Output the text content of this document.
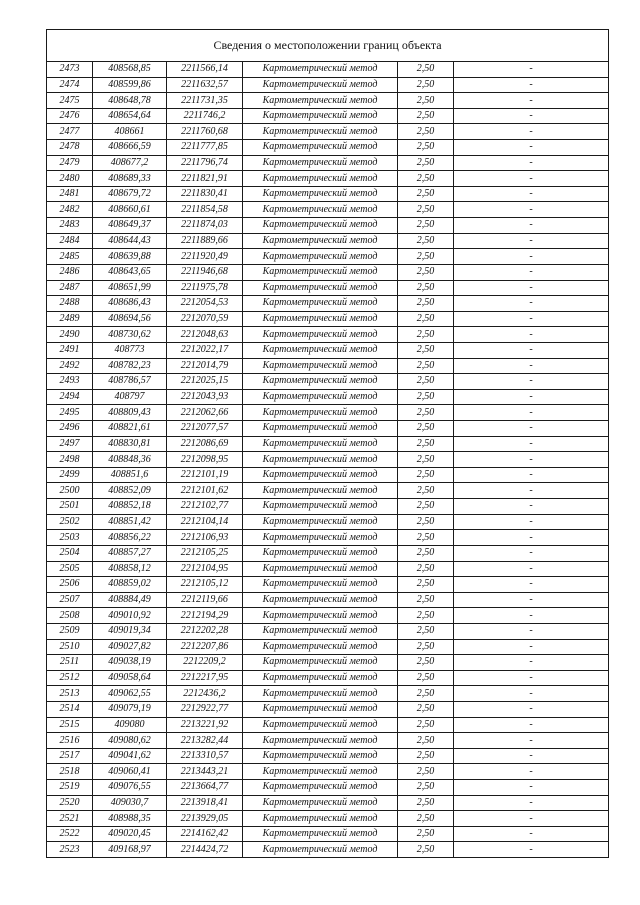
Сведения о местоположении границ объекта					
2473	408568,85	2211566,14	Картометрический метод	2,50	-
2474	408599,86	2211632,57	Картометрический метод	2,50	-
2475	408648,78	2211731,35	Картометрический метод	2,50	-
2476	408654,64	2211746,2	Картометрический метод	2,50	-
2477	408661	2211760,68	Картометрический метод	2,50	-
2478	408666,59	2211777,85	Картометрический метод	2,50	-
2479	408677,2	2211796,74	Картометрический метод	2,50	-
2480	408689,33	2211821,91	Картометрический метод	2,50	-
2481	408679,72	2211830,41	Картометрический метод	2,50	-
2482	408660,61	2211854,58	Картометрический метод	2,50	-
2483	408649,37	2211874,03	Картометрический метод	2,50	-
2484	408644,43	2211889,66	Картометрический метод	2,50	-
2485	408639,88	2211920,49	Картометрический метод	2,50	-
2486	408643,65	2211946,68	Картометрический метод	2,50	-
2487	408651,99	2211975,78	Картометрический метод	2,50	-
2488	408686,43	2212054,53	Картометрический метод	2,50	-
2489	408694,56	2212070,59	Картометрический метод	2,50	-
2490	408730,62	2212048,63	Картометрический метод	2,50	-
2491	408773	2212022,17	Картометрический метод	2,50	-
2492	408782,23	2212014,79	Картометрический метод	2,50	-
2493	408786,57	2212025,15	Картометрический метод	2,50	-
2494	408797	2212043,93	Картометрический метод	2,50	-
2495	408809,43	2212062,66	Картометрический метод	2,50	-
2496	408821,61	2212077,57	Картометрический метод	2,50	-
2497	408830,81	2212086,69	Картометрический метод	2,50	-
2498	408848,36	2212098,95	Картометрический метод	2,50	-
2499	408851,6	2212101,19	Картометрический метод	2,50	-
2500	408852,09	2212101,62	Картометрический метод	2,50	-
2501	408852,18	2212102,77	Картометрический метод	2,50	-
2502	408851,42	2212104,14	Картометрический метод	2,50	-
2503	408856,22	2212106,93	Картометрический метод	2,50	-
2504	408857,27	2212105,25	Картометрический метод	2,50	-
2505	408858,12	2212104,95	Картометрический метод	2,50	-
2506	408859,02	2212105,12	Картометрический метод	2,50	-
2507	408884,49	2212119,66	Картометрический метод	2,50	-
2508	409010,92	2212194,29	Картометрический метод	2,50	-
2509	409019,34	2212202,28	Картометрический метод	2,50	-
2510	409027,82	2212207,86	Картометрический метод	2,50	-
2511	409038,19	2212209,2	Картометрический метод	2,50	-
2512	409058,64	2212217,95	Картометрический метод	2,50	-
2513	409062,55	2212436,2	Картометрический метод	2,50	-
2514	409079,19	2212922,77	Картометрический метод	2,50	-
2515	409080	2213221,92	Картометрический метод	2,50	-
2516	409080,62	2213282,44	Картометрический метод	2,50	-
2517	409041,62	2213310,57	Картометрический метод	2,50	-
2518	409060,41	2213443,21	Картометрический метод	2,50	-
2519	409076,55	2213664,77	Картометрический метод	2,50	-
2520	409030,7	2213918,41	Картометрический метод	2,50	-
2521	408988,35	2213929,05	Картометрический метод	2,50	-
2522	409020,45	2214162,42	Картометрический метод	2,50	-
2523	409168,97	2214424,72	Картометрический метод	2,50	-
